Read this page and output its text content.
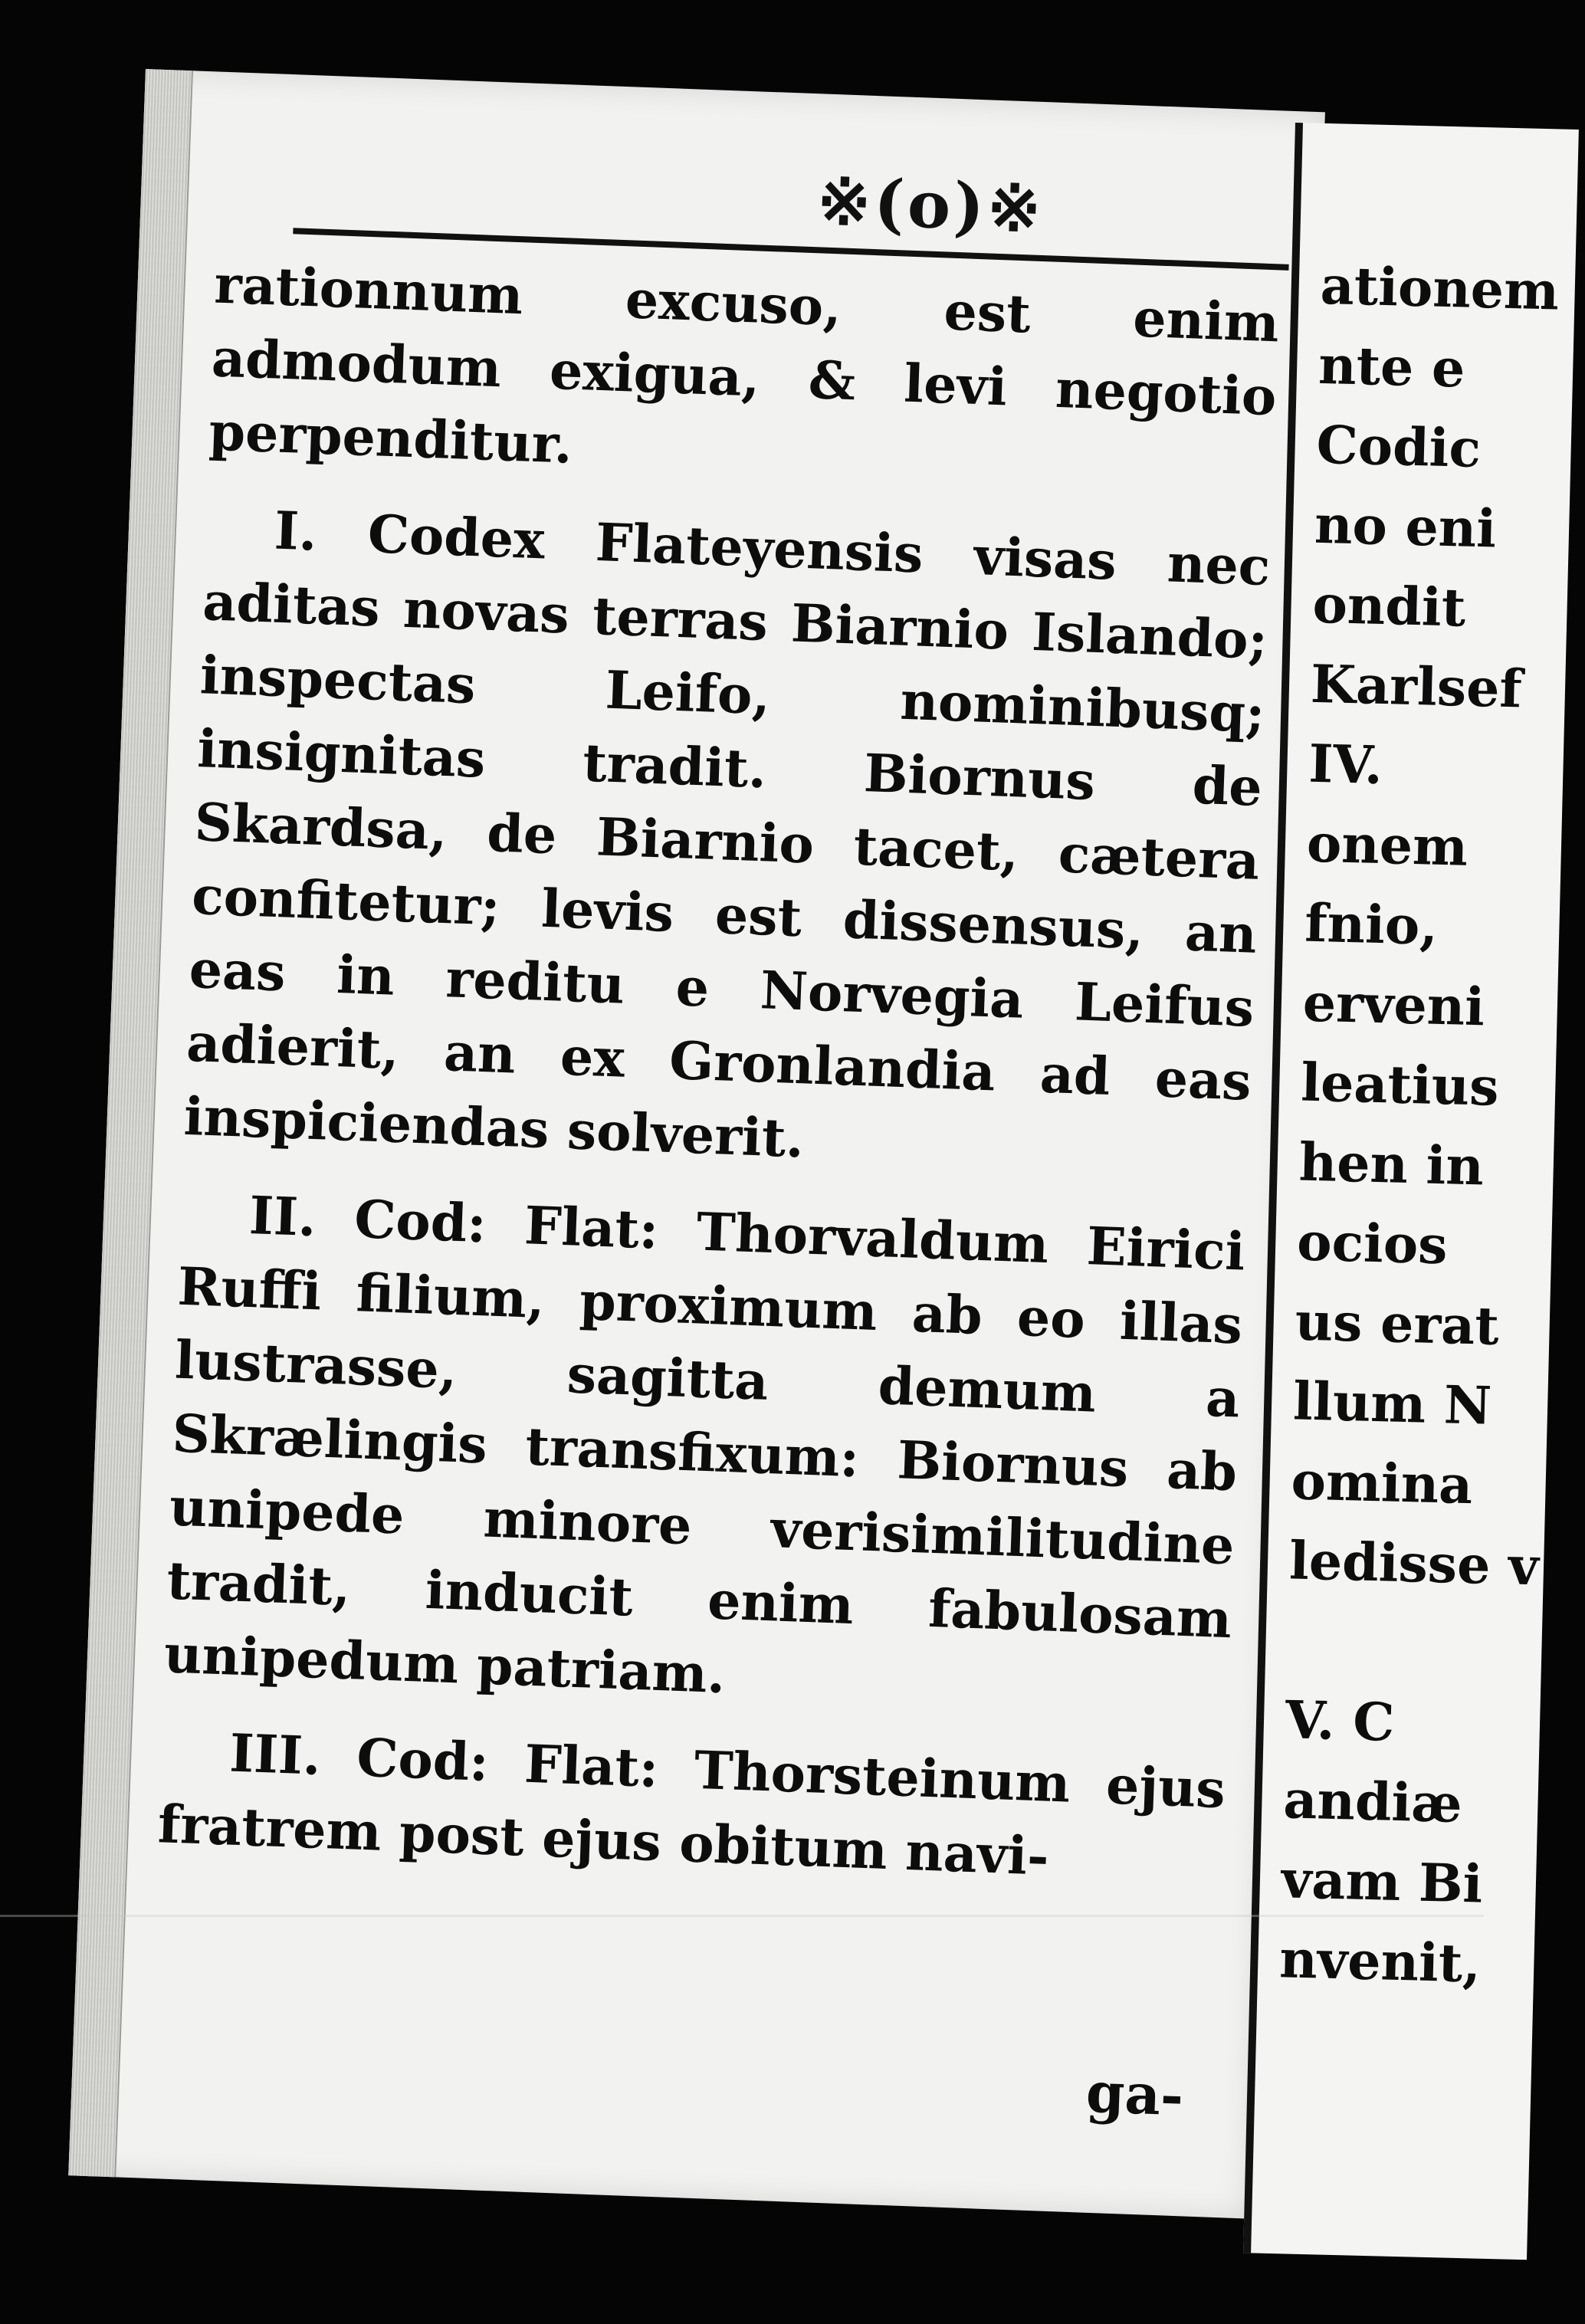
※(o)※

rationnum excuso, est enim admodum exigua, & levi negotio perpenditur.

I. Codex Flateyensis visas nec aditas novas terras Biarnio Islando; inspectas Leifo, nominibusq; insignitas tradit. Biornus de Skardsa, de Biarnio tacet, cætera confitetur; levis est dissensus, an eas in reditu e Norvegia Leifus adierit, an ex Gronlandia ad eas inspiciendas solverit.

II. Cod: Flat: Thorvaldum Eirici Ruffi filium, proximum ab eo illas lustrasse, sagitta demum a Skrælingis transfixum: Biornus ab unipede minore verisimilitudine tradit, inducit enim fabulosam unipedum patriam.

III. Cod: Flat: Thorsteinum ejus fratrem post ejus obitum navi-

ga-
ationem
nte e
Codic
no eni
ondit
Karlsef
IV.
onem
fnio,
erveni
leatius
hen in
ocios
us erat
llum N
omina
ledisse v

V. C
andiæ
vam Bi
nvenit,
